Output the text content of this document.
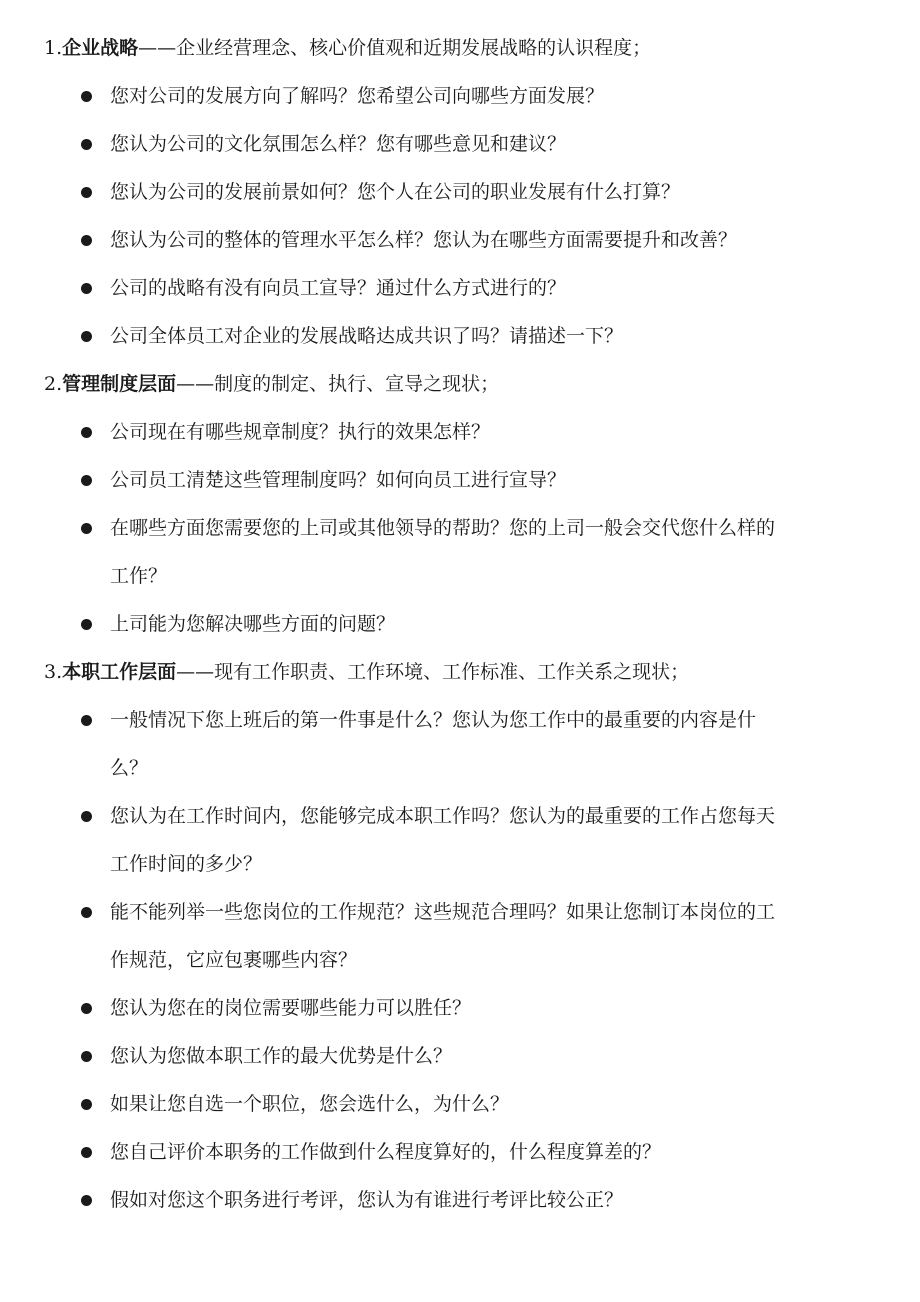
1.企业战略——企业经营理念、核心价值观和近期发展战略的认识程度；
您对公司的发展方向了解吗？您希望公司向哪些方面发展？
您认为公司的文化氛围怎么样？您有哪些意见和建议？
您认为公司的发展前景如何？您个人在公司的职业发展有什么打算？
您认为公司的整体的管理水平怎么样？您认为在哪些方面需要提升和改善？
公司的战略有没有向员工宣导？通过什么方式进行的？
公司全体员工对企业的发展战略达成共识了吗？请描述一下？
2.管理制度层面——制度的制定、执行、宣导之现状；
公司现在有哪些规章制度？执行的效果怎样？
公司员工清楚这些管理制度吗？如何向员工进行宣导？
在哪些方面您需要您的上司或其他领导的帮助？您的上司一般会交代您什么样的
工作？
上司能为您解决哪些方面的问题？
3.本职工作层面——现有工作职责、工作环境、工作标准、工作关系之现状；
一般情况下您上班后的第一件事是什么？您认为您工作中的最重要的内容是什
么？
您认为在工作时间内，您能够完成本职工作吗？您认为的最重要的工作占您每天
工作时间的多少？
能不能列举一些您岗位的工作规范？这些规范合理吗？如果让您制订本岗位的工
作规范，它应包裹哪些内容？
您认为您在的岗位需要哪些能力可以胜任？
您认为您做本职工作的最大优势是什么？
如果让您自选一个职位，您会选什么，为什么？
您自己评价本职务的工作做到什么程度算好的，什么程度算差的？
假如对您这个职务进行考评，您认为有谁进行考评比较公正？
